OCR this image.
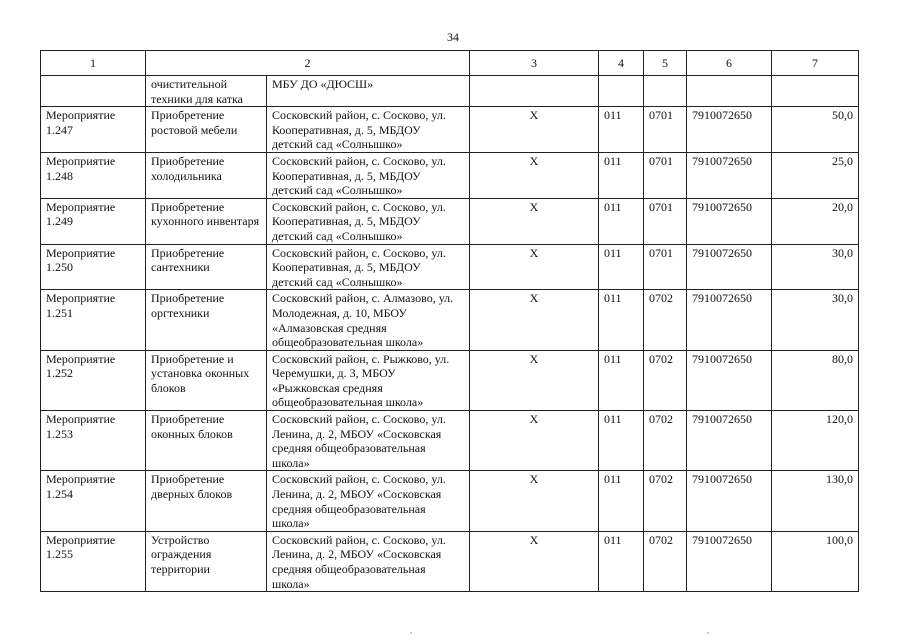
34
1	2		3	4	5	6	7
	очистительной техники для катка	МБУ ДО «ДЮСШ»					
Мероприятие 1.247	Приобретение ростовой мебели	Сосковский район, с. Сосково, ул. Кооперативная, д. 5, МБДОУ детский сад «Солнышко»	Х	011	0701	7910072650	50,0
Мероприятие 1.248	Приобретение холодильника	Сосковский район, с. Сосково, ул. Кооперативная, д. 5, МБДОУ детский сад «Солнышко»	Х	011	0701	7910072650	25,0
Мероприятие 1.249	Приобретение кухонного инвентаря	Сосковский район, с. Сосково, ул. Кооперативная, д. 5, МБДОУ детский сад «Солнышко»	Х	011	0701	7910072650	20,0
Мероприятие 1.250	Приобретение сантехники	Сосковский район, с. Сосково, ул. Кооперативная, д. 5, МБДОУ детский сад «Солнышко»	Х	011	0701	7910072650	30,0
Мероприятие 1.251	Приобретение оргтехники	Сосковский район, с. Алмазово, ул. Молодежная, д. 10, МБОУ «Алмазовская средняя общеобразовательная школа»	Х	011	0702	7910072650	30,0
Мероприятие 1.252	Приобретение и установка оконных блоков	Сосковский район, с. Рыжково, ул. Черемушки, д. 3, МБОУ «Рыжковская средняя общеобразовательная школа»	Х	011	0702	7910072650	80,0
Мероприятие 1.253	Приобретение оконных блоков	Сосковский район, с. Сосково, ул. Ленина, д. 2, МБОУ «Сосковская средняя общеобразовательная школа»	Х	011	0702	7910072650	120,0
Мероприятие 1.254	Приобретение дверных блоков	Сосковский район, с. Сосково, ул. Ленина, д. 2, МБОУ «Сосковская средняя общеобразовательная школа»	Х	011	0702	7910072650	130,0
Мероприятие 1.255	Устройство ограждения территории	Сосковский район, с. Сосково, ул. Ленина, д. 2, МБОУ «Сосковская средняя общеобразовательная школа»	Х	011	0702	7910072650	100,0
